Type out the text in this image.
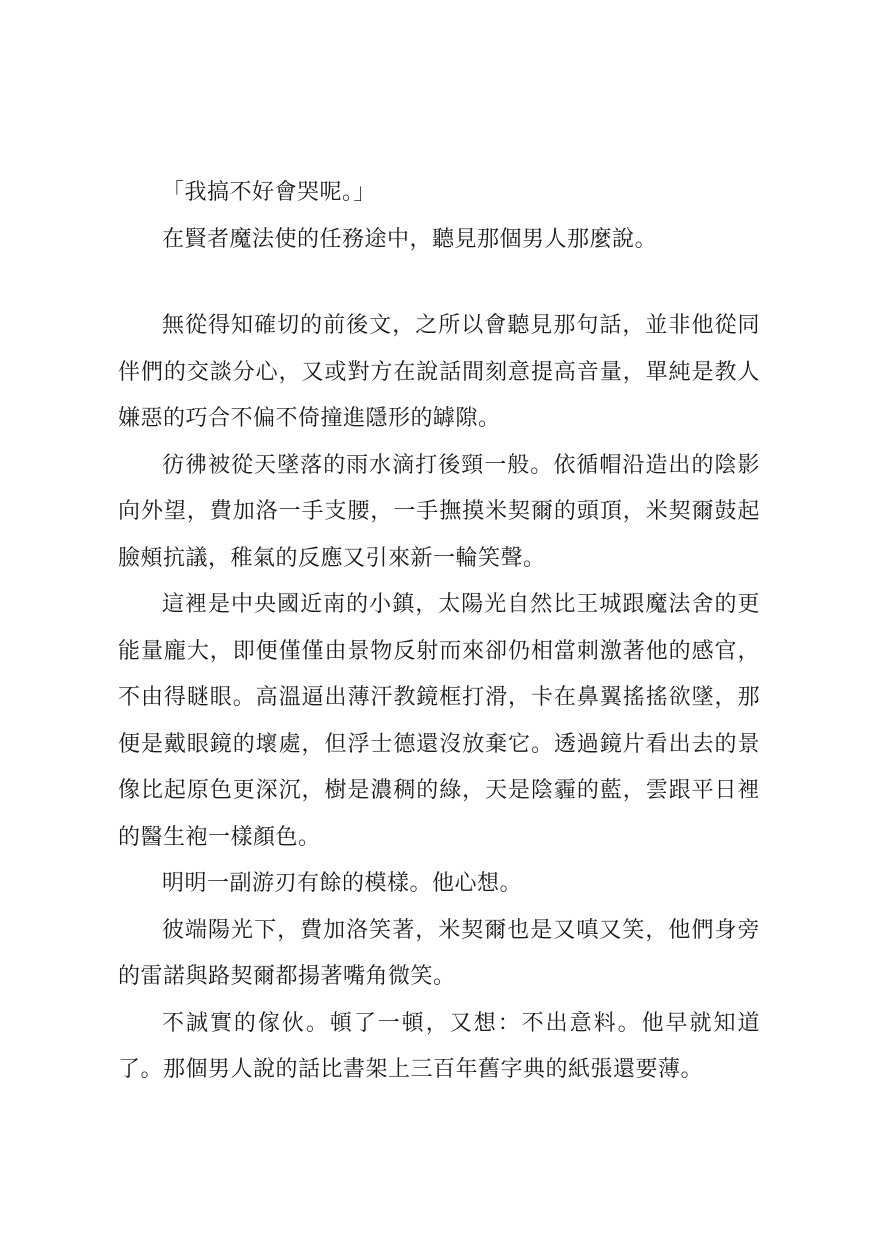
「我搞不好會哭呢。」

在賢者魔法使的任務途中，聽見那個男人那麼說。

無從得知確切的前後文，之所以會聽見那句話，並非他從同伴們的交談分心，又或對方在說話間刻意提高音量，單純是教人嫌惡的巧合不偏不倚撞進隱形的罅隙。

彷彿被從天墜落的雨水滴打後頸一般。依循帽沿造出的陰影向外望，費加洛一手支腰，一手撫摸米契爾的頭頂，米契爾鼓起臉頰抗議，稚氣的反應又引來新一輪笑聲。

這裡是中央國近南的小鎮，太陽光自然比王城跟魔法舍的更能量龐大，即便僅僅由景物反射而來卻仍相當刺激著他的感官，不由得瞇眼。高溫逼出薄汗教鏡框打滑，卡在鼻翼搖搖欲墜，那便是戴眼鏡的壞處，但浮士德還沒放棄它。透過鏡片看出去的景像比起原色更深沉，樹是濃稠的綠，天是陰霾的藍，雲跟平日裡的醫生袍一樣顏色。

明明一副游刃有餘的模樣。他心想。

彼端陽光下，費加洛笑著，米契爾也是又嗔又笑，他們身旁的雷諾與路契爾都揚著嘴角微笑。

不誠實的傢伙。頓了一頓，又想：不出意料。他早就知道了。那個男人說的話比書架上三百年舊字典的紙張還要薄。
